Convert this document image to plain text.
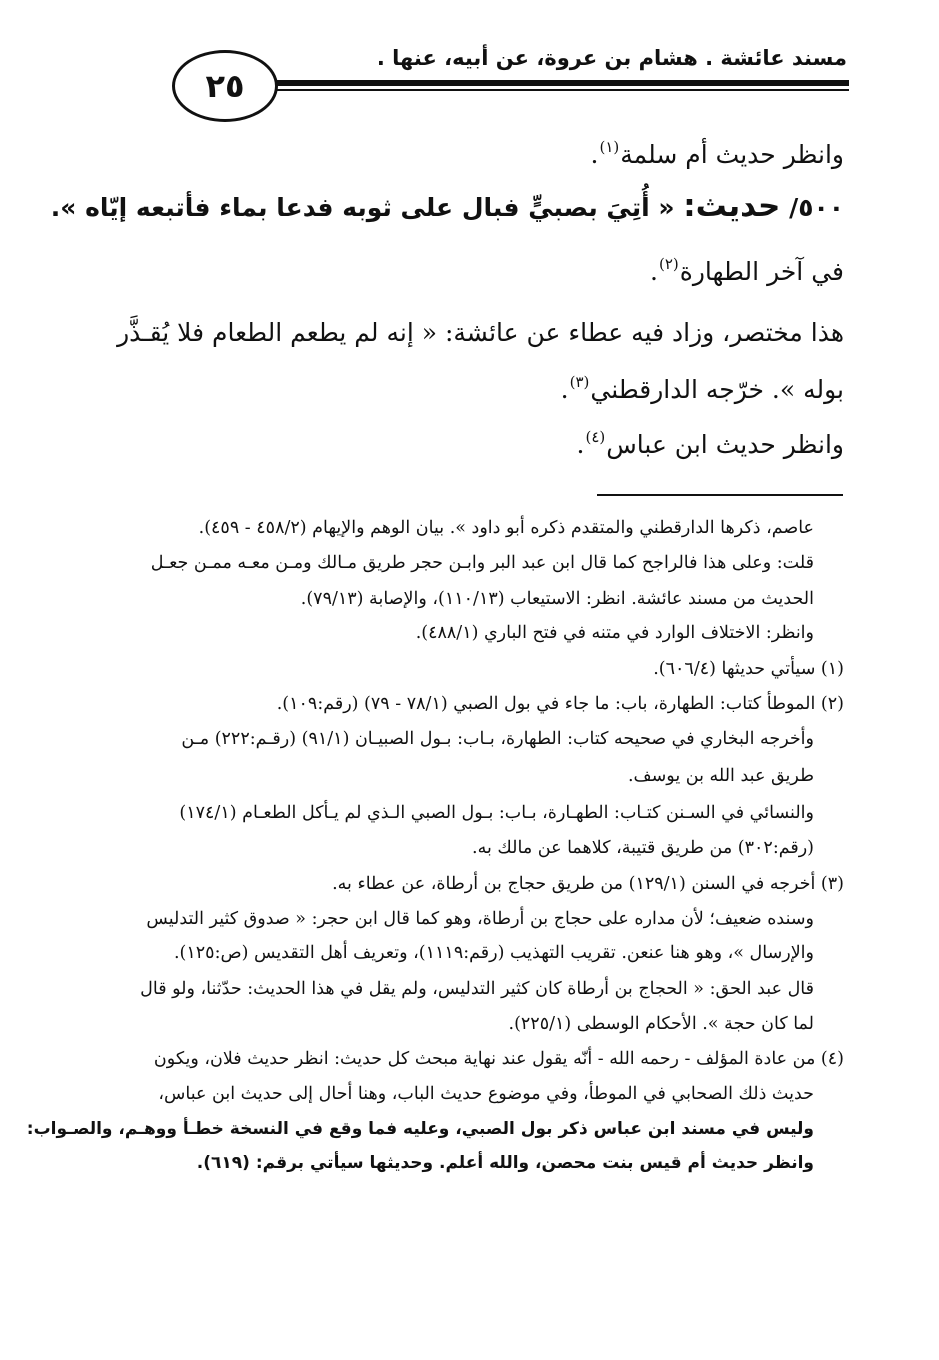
مسند عائشة . هشام بن عروة، عن أبيه، عنها .
٢٥
وانظر حديث أم سلمة$^{(١)}$.
٥٠٠/ حديث: « أُتِيَ بصبيٍّ فبال على ثوبه فدعا بماء فأتبعه إيّاه ».
في آخر الطهارة$^{(٢)}$.
هذا مختصر، وزاد فيه عطاء عن عائشة: « إنه لم يطعم الطعام فلا يُقـذَّر
بوله ». خرّجه الدارقطني$^{(٣)}$.
وانظر حديث ابن عباس$^{(٤)}$.
عاصم، ذكرها الدارقطني والمتقدم ذكره أبو داود ». بيان الوهم والإيهام (٤٥٨/٢ - ٤٥٩).
قلت: وعلى هذا فالراجح كما قال ابن عبد البر وابـن حجر طريق مـالك ومـن معـه ممـن جعـل
الحديث من مسند عائشة. انظر: الاستيعاب (١١٠/١٣)، والإصابة (٧٩/١٣).
وانظر: الاختلاف الوارد في متنه في فتح الباري (٤٨٨/١).
(١) سيأتي حديثها (٦٠٦/٤).
(٢) الموطأ كتاب: الطهارة، باب: ما جاء في بول الصبي (٧٨/١ - ٧٩) (رقم:١٠٩).
وأخرجه البخاري في صحيحه كتاب: الطهارة، بـاب: بـول الصبيـان (٩١/١) (رقـم:٢٢٢) مـن
طريق عبد الله بن يوسف.
والنسائي في السـنن كتـاب: الطهـارة، بـاب: بـول الصبي الـذي لم يـأكل الطعـام (١٧٤/١)
(رقم:٣٠٢) من طريق قتيبة، كلاهما عن مالك به.
(٣) أخرجه في السنن (١٢٩/١) من طريق حجاج بن أرطاة، عن عطاء به.
وسنده ضعيف؛ لأن مداره على حجاج بن أرطاة، وهو كما قال ابن حجر: « صدوق كثير التدليس
والإرسال »، وهو هنا عنعن. تقريب التهذيب (رقم:١١١٩)، وتعريف أهل التقديس (ص:١٢٥).
قال عبد الحق: « الحجاج بن أرطاة كان كثير التدليس، ولم يقل في هذا الحديث: حدّثنا، ولو قال
لما كان حجة ». الأحكام الوسطى (٢٢٥/١).
(٤) من عادة المؤلف - رحمه الله - أنّه يقول عند نهاية مبحث كل حديث: انظر حديث فلان، ويكون
حديث ذلك الصحابي في الموطأ، وفي موضوع حديث الباب، وهنا أحال إلى حديث ابن عباس،
وليس في مسند ابن عباس ذكر بول الصبي، وعليه فما وقع في النسخة خطـأ ووهـم، والصـواب:
وانظر حديث أم قيس بنت محصن، والله أعلم. وحديثها سيأتي برقم: (٦١٩).
